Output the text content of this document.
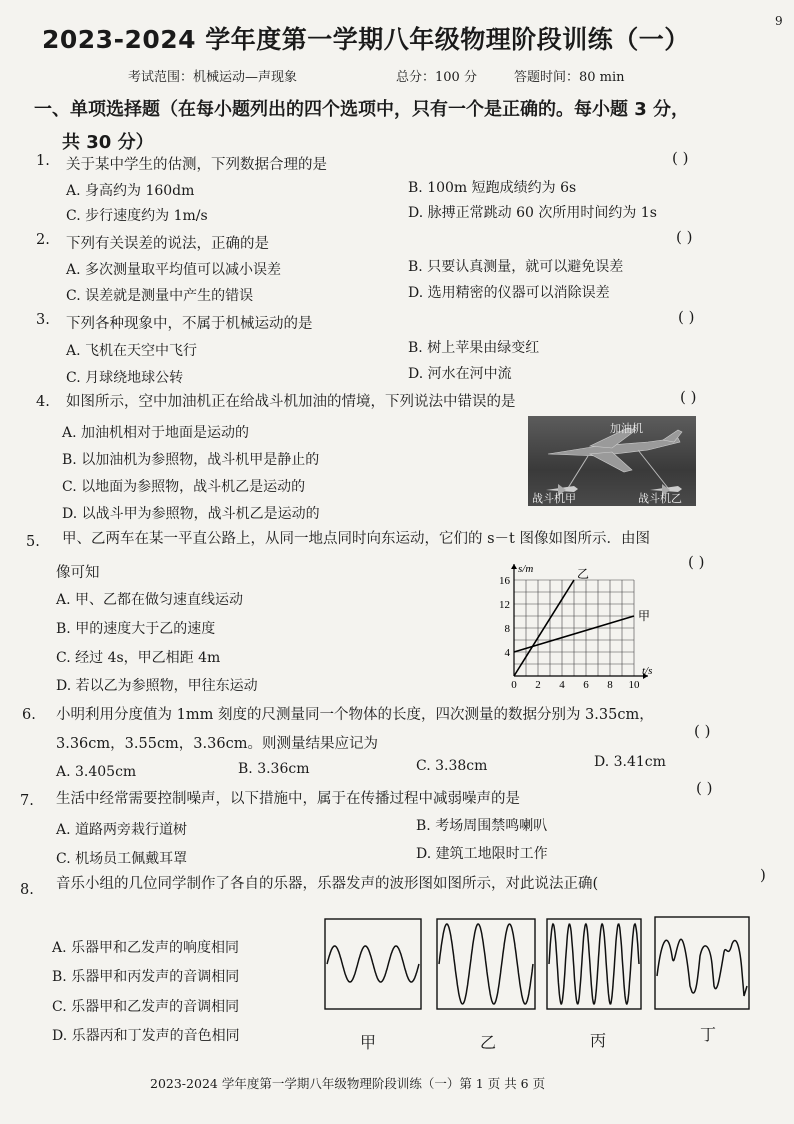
9
2023-2024 学年度第一学期八年级物理阶段训练（一）
考试范围：机械运动—声现象	总分：100 分	答题时间：80 min
一、单项选择题（在每小题列出的四个选项中，只有一个是正确的。每小题 3 分，
共 30 分）
1. 关于某中学生的估测，下列数据合理的是	( )
A. 身高约为 160dm	B. 100m 短跑成绩约为 6s
C. 步行速度约为 1m/s	D. 脉搏正常跳动 60 次所用时间约为 1s
2. 下列有关误差的说法，正确的是	( )
A. 多次测量取平均值可以减小误差	B. 只要认真测量，就可以避免误差
C. 误差就是测量中产生的错误	D. 选用精密的仪器可以消除误差
3. 下列各种现象中，不属于机械运动的是	( )
A. 飞机在天空中飞行	B. 树上苹果由绿变红
C. 月球绕地球公转	D. 河水在河中流
4. 如图所示，空中加油机正在给战斗机加油的情境，下列说法中错误的是	( )
A. 加油机相对于地面是运动的
B. 以加油机为参照物，战斗机甲是静止的
C. 以地面为参照物，战斗机乙是运动的
D. 以战斗甲为参照物，战斗机乙是运动的
加油机
战斗机甲	战斗机乙
5. 甲、乙两车在某一平直公路上，从同一地点同时向东运动，它们的 s－t 图像如图所示．由图
像可知
( )
A. 甲、乙都在做匀速直线运动
B. 甲的速度大于乙的速度
C. 经过 4s，甲乙相距 4m
D. 若以乙为参照物，甲往东运动	0 2 4 6 8 10
4
8
12
16
s/m
t/s
乙
甲
6. 小明利用分度值为 1mm 刻度的尺测量同一个物体的长度，四次测量的数据分别为 3.35cm，
3.36cm，3.55cm，3.36cm。则测量结果应记为
( )
A. 3.405cm	B. 3.36cm	C. 3.38cm	D. 3.41cm
7. 生活中经常需要控制噪声，以下措施中，属于在传播过程中减弱噪声的是
( )
A. 道路两旁栽行道树	B. 考场周围禁鸣喇叭
C. 机场员工佩戴耳罩	D. 建筑工地限时工作
8. 音乐小组的几位同学制作了各自的乐器，乐器发声的波形图如图所示，对此说法正确(	)
A. 乐器甲和乙发声的响度相同
B. 乐器甲和丙发声的音调相同
C. 乐器甲和乙发声的音调相同
D. 乐器丙和丁发声的音色相同	甲	乙	丙	丁
2023-2024 学年度第一学期八年级物理阶段训练（一）第 1 页 共 6 页
